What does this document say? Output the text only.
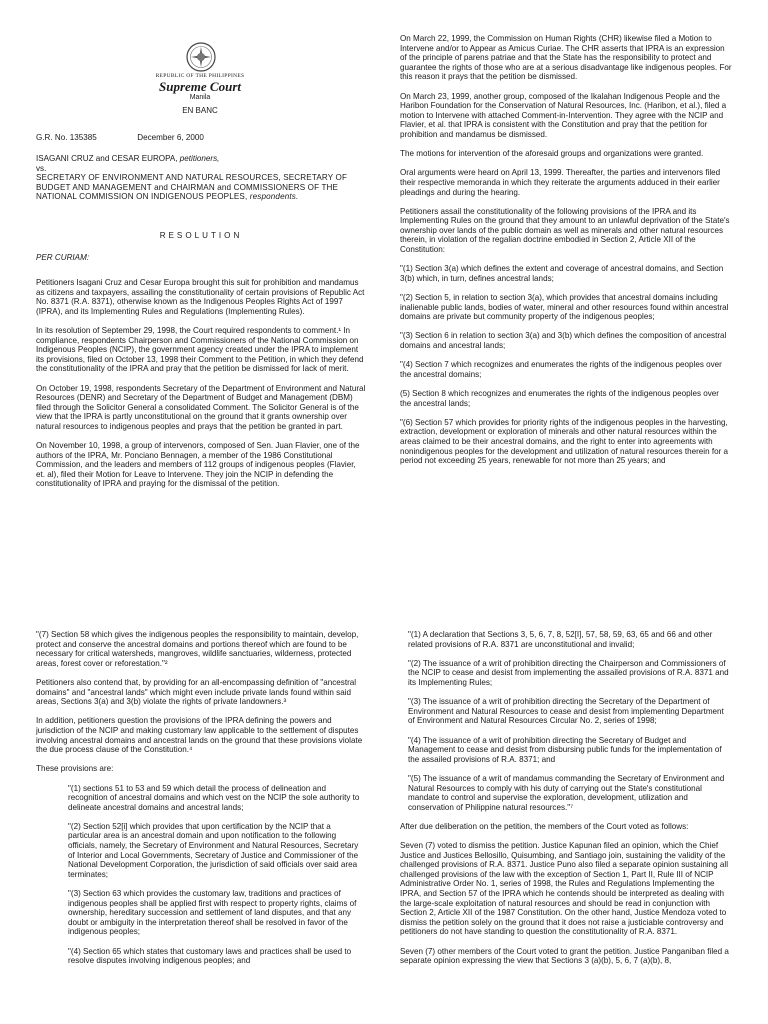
REPUBLIC OF THE PHILIPPINES
Supreme Court
Manila
EN BANC
G.R. No. 135385	December 6, 2000
ISAGANI CRUZ and CESAR EUROPA, petitioners,
vs.
SECRETARY OF ENVIRONMENT AND NATURAL RESOURCES, SECRETARY OF BUDGET AND MANAGEMENT and CHAIRMAN and COMMISSIONERS OF THE NATIONAL COMMISSION ON INDIGENOUS PEOPLES, respondents.
RESOLUTION
PER CURIAM:

Petitioners Isagani Cruz and Cesar Europa brought this suit for prohibition and mandamus as citizens and taxpayers, assailing the constitutionality of certain provisions of Republic Act No. 8371 (R.A. 8371), otherwise known as the Indigenous Peoples Rights Act of 1997 (IPRA), and its Implementing Rules and Regulations (Implementing Rules).

In its resolution of September 29, 1998, the Court required respondents to comment.¹ In compliance, respondents Chairperson and Commissioners of the National Commission on Indigenous Peoples (NCIP), the government agency created under the IPRA to implement its provisions, filed on October 13, 1998 their Comment to the Petition, in which they defend the constitutionality of the IPRA and pray that the petition be dismissed for lack of merit.

On October 19, 1998, respondents Secretary of the Department of Environment and Natural Resources (DENR) and Secretary of the Department of Budget and Management (DBM) filed through the Solicitor General a consolidated Comment. The Solicitor General is of the view that the IPRA is partly unconstitutional on the ground that it grants ownership over natural resources to indigenous peoples and prays that the petition be granted in part.

On November 10, 1998, a group of intervenors, composed of Sen. Juan Flavier, one of the authors of the IPRA, Mr. Ponciano Bennagen, a member of the 1986 Constitutional Commission, and the leaders and members of 112 groups of indigenous peoples (Flavier, et. al), filed their Motion for Leave to Intervene. They join the NCIP in defending the constitutionality of IPRA and praying for the dismissal of the petition.

On March 22, 1999, the Commission on Human Rights (CHR) likewise filed a Motion to Intervene and/or to Appear as Amicus Curiae. The CHR asserts that IPRA is an expression of the principle of parens patriae and that the State has the responsibility to protect and guarantee the rights of those who are at a serious disadvantage like indigenous peoples. For this reason it prays that the petition be dismissed.

On March 23, 1999, another group, composed of the Ikalahan Indigenous People and the Haribon Foundation for the Conservation of Natural Resources, Inc. (Haribon, et al.), filed a motion to Intervene with attached Comment-in-Intervention. They agree with the NCIP and Flavier, et al. that IPRA is consistent with the Constitution and pray that the petition for prohibition and mandamus be dismissed.

The motions for intervention of the aforesaid groups and organizations were granted.

Oral arguments were heard on April 13, 1999. Thereafter, the parties and intervenors filed their respective memoranda in which they reiterate the arguments adduced in their earlier pleadings and during the hearing.

Petitioners assail the constitutionality of the following provisions of the IPRA and its Implementing Rules on the ground that they amount to an unlawful deprivation of the State's ownership over lands of the public domain as well as minerals and other natural resources therein, in violation of the regalian doctrine embodied in Section 2, Article XII of the Constitution:

"(1) Section 3(a) which defines the extent and coverage of ancestral domains, and Section 3(b) which, in turn, defines ancestral lands;

"(2) Section 5, in relation to section 3(a), which provides that ancestral domains including inalienable public lands, bodies of water, mineral and other resources found within ancestral domains are private but community property of the indigenous peoples;

"(3) Section 6 in relation to section 3(a) and 3(b) which defines the composition of ancestral domains and ancestral lands;

"(4) Section 7 which recognizes and enumerates the rights of the indigenous peoples over the ancestral domains;

(5) Section 8 which recognizes and enumerates the rights of the indigenous peoples over the ancestral lands;

"(6) Section 57 which provides for priority rights of the indigenous peoples in the harvesting, extraction, development or exploration of minerals and other natural resources within the areas claimed to be their ancestral domains, and the right to enter into agreements with nonindigenous peoples for the development and utilization of natural resources therein for a period not exceeding 25 years, renewable for not more than 25 years; and

"(7) Section 58 which gives the indigenous peoples the responsibility to maintain, develop, protect and conserve the ancestral domains and portions thereof which are found to be necessary for critical watersheds, mangroves, wildlife sanctuaries, wilderness, protected areas, forest cover or reforestation."²

Petitioners also contend that, by providing for an all-encompassing definition of "ancestral domains" and "ancestral lands" which might even include private lands found within said areas, Sections 3(a) and 3(b) violate the rights of private landowners.³

In addition, petitioners question the provisions of the IPRA defining the powers and jurisdiction of the NCIP and making customary law applicable to the settlement of disputes involving ancestral domains and ancestral lands on the ground that these provisions violate the due process clause of the Constitution.⁴

These provisions are:

"(1) sections 51 to 53 and 59 which detail the process of delineation and recognition of ancestral domains and which vest on the NCIP the sole authority to delineate ancestral domains and ancestral lands;

"(2) Section 52[i] which provides that upon certification by the NCIP that a particular area is an ancestral domain and upon notification to the following officials, namely, the Secretary of Environment and Natural Resources, Secretary of Interior and Local Governments, Secretary of Justice and Commissioner of the National Development Corporation, the jurisdiction of said officials over said area terminates;

"(3) Section 63 which provides the customary law, traditions and practices of indigenous peoples shall be applied first with respect to property rights, claims of ownership, hereditary succession and settlement of land disputes, and that any doubt or ambiguity in the interpretation thereof shall be resolved in favor of the indigenous peoples;

"(4) Section 65 which states that customary laws and practices shall be used to resolve disputes involving indigenous peoples; and

"(1) A declaration that Sections 3, 5, 6, 7, 8, 52[I], 57, 58, 59, 63, 65 and 66 and other related provisions of R.A. 8371 are unconstitutional and invalid;

"(2) The issuance of a writ of prohibition directing the Chairperson and Commissioners of the NCIP to cease and desist from implementing the assailed provisions of R.A. 8371 and its Implementing Rules;

"(3) The issuance of a writ of prohibition directing the Secretary of the Department of Environment and Natural Resources to cease and desist from implementing Department of Environment and Natural Resources Circular No. 2, series of 1998;

"(4) The issuance of a writ of prohibition directing the Secretary of Budget and Management to cease and desist from disbursing public funds for the implementation of the assailed provisions of R.A. 8371; and

"(5) The issuance of a writ of mandamus commanding the Secretary of Environment and Natural Resources to comply with his duty of carrying out the State's constitutional mandate to control and supervise the exploration, development, utilization and conservation of Philippine natural resources."⁷

After due deliberation on the petition, the members of the Court voted as follows:

Seven (7) voted to dismiss the petition. Justice Kapunan filed an opinion, which the Chief Justice and Justices Bellosillo, Quisumbing, and Santiago join, sustaining the validity of the challenged provisions of R.A. 8371. Justice Puno also filed a separate opinion sustaining all challenged provisions of the law with the exception of Section 1, Part II, Rule III of NCIP Administrative Order No. 1, series of 1998, the Rules and Regulations Implementing the IPRA, and Section 57 of the IPRA which he contends should be interpreted as dealing with the large-scale exploitation of natural resources and should be read in conjunction with Section 2, Article XII of the 1987 Constitution. On the other hand, Justice Mendoza voted to dismiss the petition solely on the ground that it does not raise a justiciable controversy and petitioners do not have standing to question the constitutionality of R.A. 8371.

Seven (7) other members of the Court voted to grant the petition. Justice Panganiban filed a separate opinion expressing the view that Sections 3 (a)(b), 5, 6, 7 (a)(b), 8,
